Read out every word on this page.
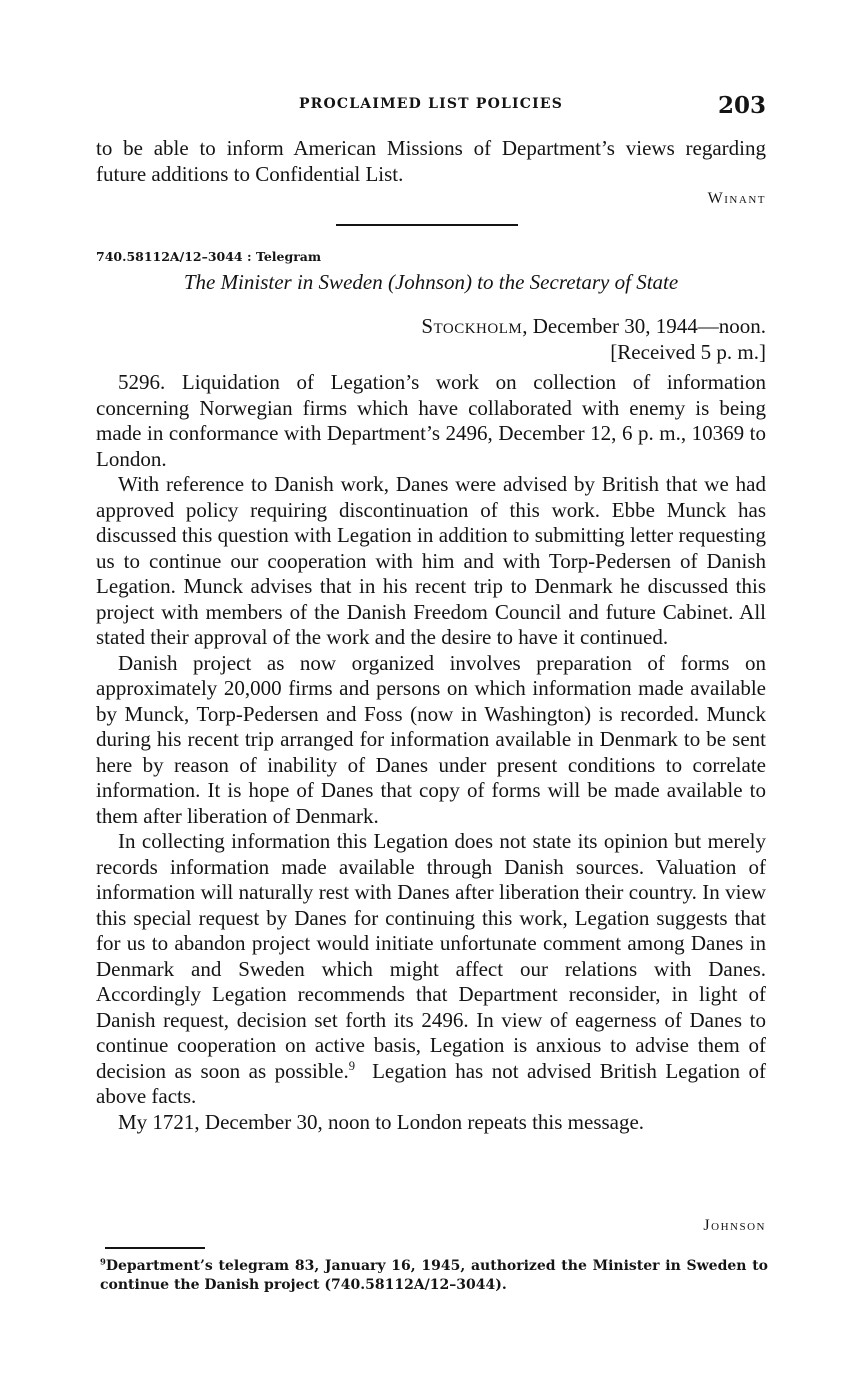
PROCLAIMED LIST POLICIES	203

to be able to inform American Missions of Department’s views regarding future additions to Confidential List.

Winant
740.58112A/12–3044 : Telegram
The Minister in Sweden (Johnson) to the Secretary of State
Stockholm, December 30, 1944—noon.
[Received 5 p. m.]

5296. Liquidation of Legation’s work on collection of information concerning Norwegian firms which have collaborated with enemy is being made in conformance with Department’s 2496, December 12, 6 p. m., 10369 to London.

With reference to Danish work, Danes were advised by British that we had approved policy requiring discontinuation of this work. Ebbe Munck has discussed this question with Legation in addition to submitting letter requesting us to continue our cooperation with him and with Torp-Pedersen of Danish Legation. Munck advises that in his recent trip to Denmark he discussed this project with members of the Danish Freedom Council and future Cabinet. All stated their approval of the work and the desire to have it continued.

Danish project as now organized involves preparation of forms on approximately 20,000 firms and persons on which information made available by Munck, Torp-Pedersen and Foss (now in Washington) is recorded. Munck during his recent trip arranged for information available in Denmark to be sent here by reason of inability of Danes under present conditions to correlate information. It is hope of Danes that copy of forms will be made available to them after liberation of Denmark.

In collecting information this Legation does not state its opinion but merely records information made available through Danish sources. Valuation of information will naturally rest with Danes after liberation their country. In view this special request by Danes for continuing this work, Legation suggests that for us to abandon project would initiate unfortunate comment among Danes in Denmark and Sweden which might affect our relations with Danes. Accordingly Legation recommends that Department reconsider, in light of Danish request, decision set forth its 2496. In view of eagerness of Danes to continue cooperation on active basis, Legation is anxious to advise them of decision as soon as possible.$^9$ Legation has not advised British Legation of above facts.

My 1721, December 30, noon to London repeats this message.

Johnson
$^9$Department’s telegram 83, January 16, 1945, authorized the Minister in Sweden to continue the Danish project (740.58112A/12–3044).
